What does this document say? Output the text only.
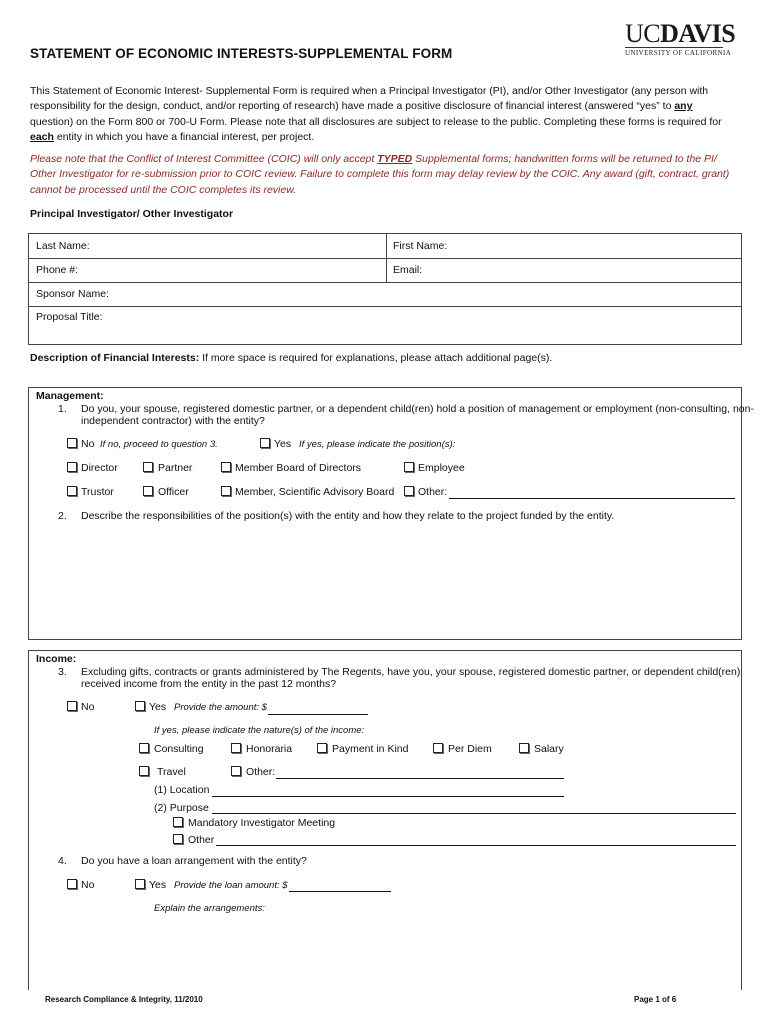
UCDAVIS
UNIVERSITY OF CALIFORNIA
STATEMENT OF ECONOMIC INTERESTS-SUPPLEMENTAL FORM
This Statement of Economic Interest- Supplemental Form is required when a Principal Investigator (PI), and/or Other Investigator (any person with responsibility for the design, conduct, and/or reporting of research) have made a positive disclosure of financial interest (answered “yes” to any question) on the Form 800 or 700-U Form. Please note that all disclosures are subject to release to the public. Completing these forms is required for each entity in which you have a financial interest, per project.
Please note that the Conflict of Interest Committee (COIC) will only accept TYPED Supplemental forms; handwritten forms will be returned to the PI/ Other Investigator for re-submission prior to COIC review. Failure to complete this form may delay review by the COIC. Any award (gift, contract, grant) cannot be processed until the COIC completes its review.
Principal Investigator/ Other Investigator
Last Name:	First Name:
Phone #:	Email:
Sponsor Name:
Proposal Title:
Description of Financial Interests: If more space is required for explanations, please attach additional page(s).
Management:
1. Do you, your spouse, registered domestic partner, or a dependent child(ren) hold a position of management or employment (non-consulting, non-
independent contractor) with the entity?
No If no, proceed to question 3.	Yes If yes, please indicate the position(s):
Director	Partner	Member Board of Directors	Employee
Trustor	Officer	Member, Scientific Advisory Board Other:
2. Describe the responsibilities of the position(s) with the entity and how they relate to the project funded by the entity.
Income:
3. Excluding gifts, contracts or grants administered by The Regents, have you, your spouse, registered domestic partner, or dependent child(ren)
received income from the entity in the past 12 months?
No	Yes Provide the amount: $
If yes, please indicate the nature(s) of the income:
Consulting	Honoraria	Payment in Kind	Per Diem	Salary
Travel	Other:
(1) Location
(2) Purpose
Mandatory Investigator Meeting
Other
4. Do you have a loan arrangement with the entity?
No	Yes Provide the loan amount: $
Explain the arrangements:
Research Compliance & Integrity, 11/2010	Page 1 of 6
